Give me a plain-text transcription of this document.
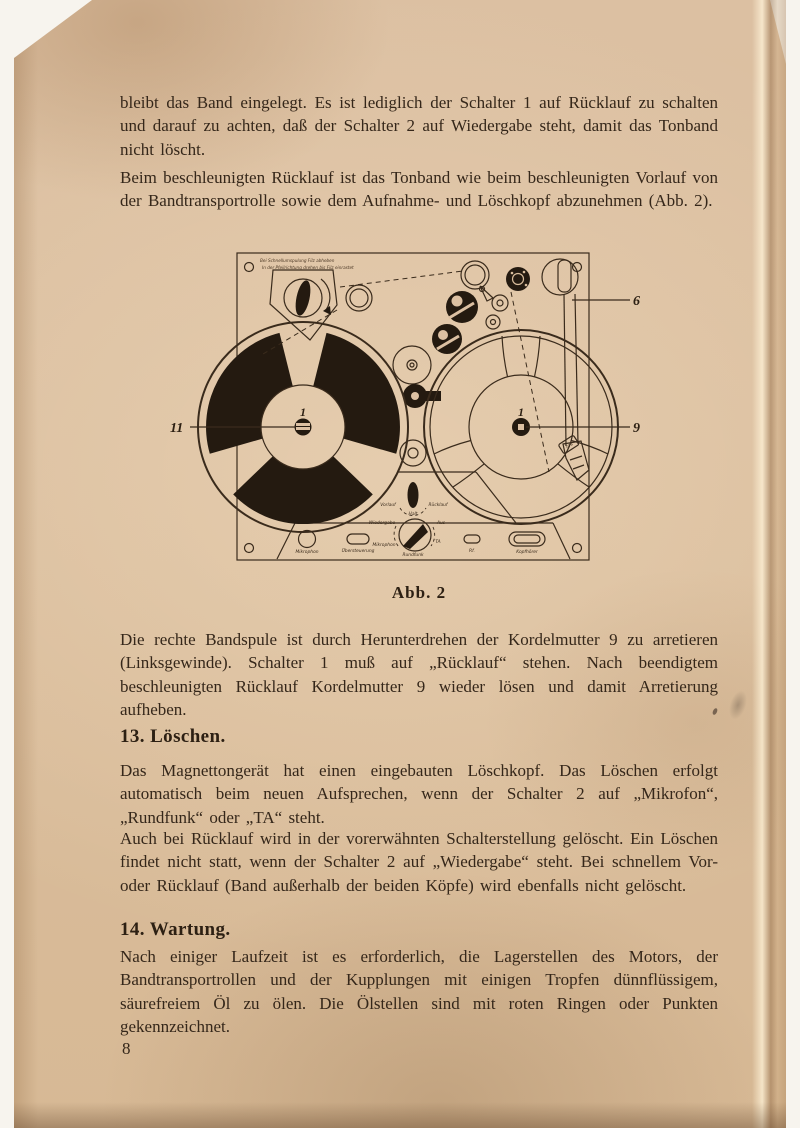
bleibt das Band eingelegt. Es ist lediglich der Schalter 1 auf Rücklauf zu schalten und darauf zu achten, daß der Schalter 2 auf Wiedergabe steht, damit das Tonband nicht löscht.

Beim beschleunigten Rücklauf ist das Tonband wie beim beschleunigten Vorlauf von der Bandtransportrolle sowie dem Aufnahme- und Löschkopf abzunehmen (Abb. 2).

Bei Schnellumspulung Filz abheben
In der Pfeilrichtung drehen bis Filz einrastet
Mikrophon	Übersteuerung	Rf.	Kopfhörer
Vorlauf
Halt
Rücklauf
Wiedergabe	Aus
Mikrophon
TA
Rundfunk
1	1
GFB
6
9
11
Abb. 2

Die rechte Bandspule ist durch Herunterdrehen der Kordelmutter 9 zu arretieren (Linksgewinde). Schalter 1 muß auf „Rücklauf“ stehen. Nach beendigtem beschleunigten Rücklauf Kordelmutter 9 wieder lösen und damit Arretierung aufheben.

13. Löschen.

Das Magnettongerät hat einen eingebauten Löschkopf. Das Löschen erfolgt automatisch beim neuen Aufsprechen, wenn der Schalter 2 auf „Mikrofon“, „Rundfunk“ oder „TA“ steht.

Auch bei Rücklauf wird in der vorerwähnten Schalterstellung gelöscht. Ein Löschen findet nicht statt, wenn der Schalter 2 auf „Wiedergabe“ steht. Bei schnellem Vor- oder Rücklauf (Band außerhalb der beiden Köpfe) wird ebenfalls nicht gelöscht.

14. Wartung.

Nach einiger Laufzeit ist es erforderlich, die Lagerstellen des Motors, der Bandtransportrollen und der Kupplungen mit einigen Tropfen dünnflüssigem, säurefreiem Öl zu ölen. Die Ölstellen sind mit roten Ringen oder Punkten gekennzeichnet.

8
